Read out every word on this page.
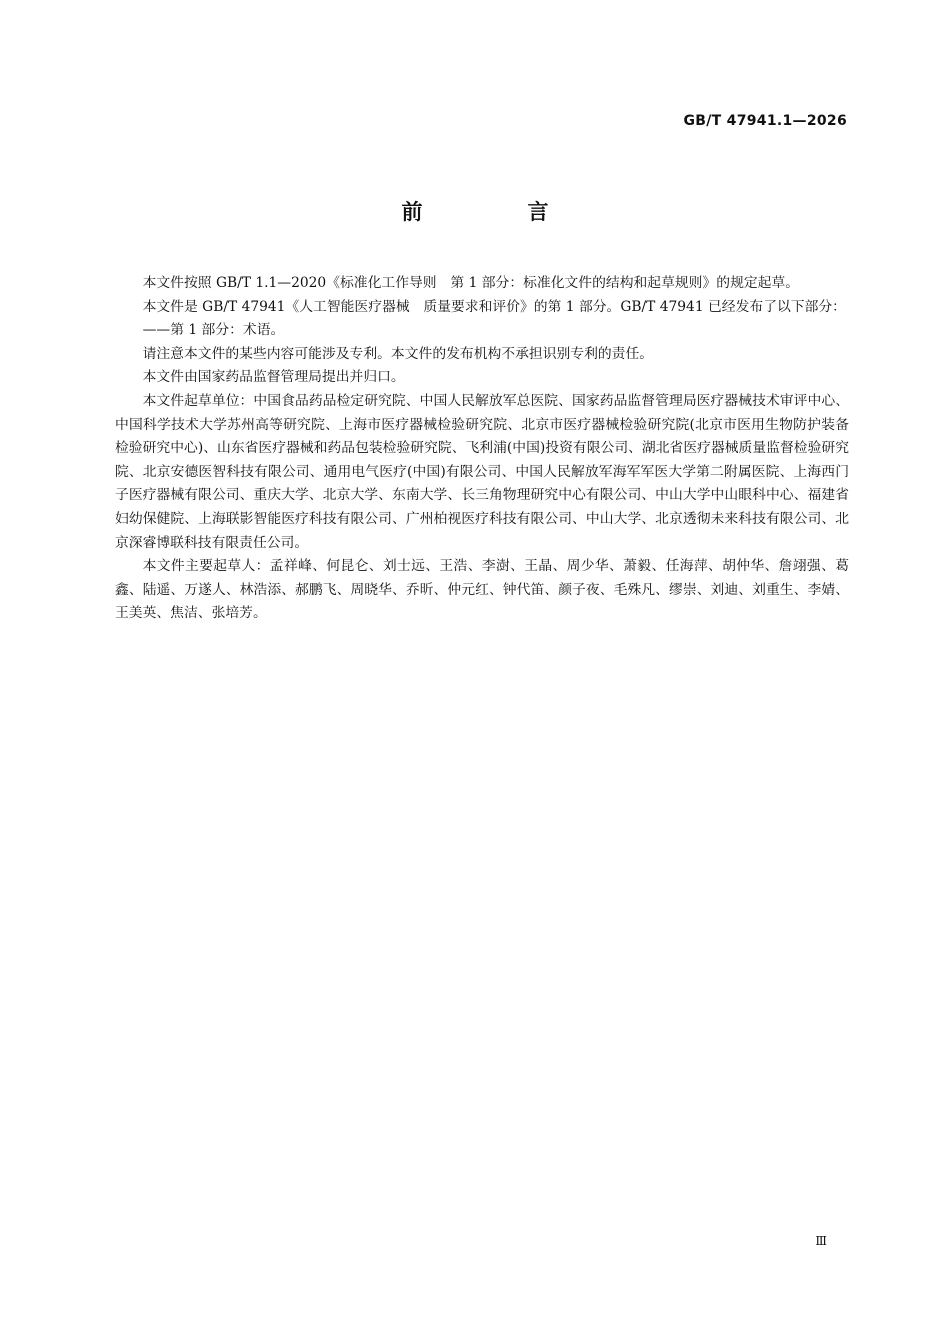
GB/T 47941.1—2026
前　言

本文件按照 GB/T 1.1—2020《标准化工作导则　第 1 部分：标准化文件的结构和起草规则》的规定起草。

本文件是 GB/T 47941《人工智能医疗器械　质量要求和评价》的第 1 部分。GB/T 47941 已经发布了以下部分：

——第 1 部分：术语。

请注意本文件的某些内容可能涉及专利。本文件的发布机构不承担识别专利的责任。

本文件由国家药品监督管理局提出并归口。

本文件起草单位：中国食品药品检定研究院、中国人民解放军总医院、国家药品监督管理局医疗器械技术审评中心、中国科学技术大学苏州高等研究院、上海市医疗器械检验研究院、北京市医疗器械检验研究院(北京市医用生物防护装备检验研究中心)、山东省医疗器械和药品包装检验研究院、飞利浦(中国)投资有限公司、湖北省医疗器械质量监督检验研究院、北京安德医智科技有限公司、通用电气医疗(中国)有限公司、中国人民解放军海军军医大学第二附属医院、上海西门子医疗器械有限公司、重庆大学、北京大学、东南大学、长三角物理研究中心有限公司、中山大学中山眼科中心、福建省妇幼保健院、上海联影智能医疗科技有限公司、广州柏视医疗科技有限公司、中山大学、北京透彻未来科技有限公司、北京深睿博联科技有限责任公司。

本文件主要起草人：孟祥峰、何昆仑、刘士远、王浩、李澍、王晶、周少华、萧毅、任海萍、胡仲华、詹翊强、葛鑫、陆遥、万遂人、林浩添、郝鹏飞、周晓华、乔昕、仲元红、钟代笛、颜子夜、毛殊凡、缪崇、刘迪、刘重生、李婧、王美英、焦洁、张培芳。

Ⅲ
